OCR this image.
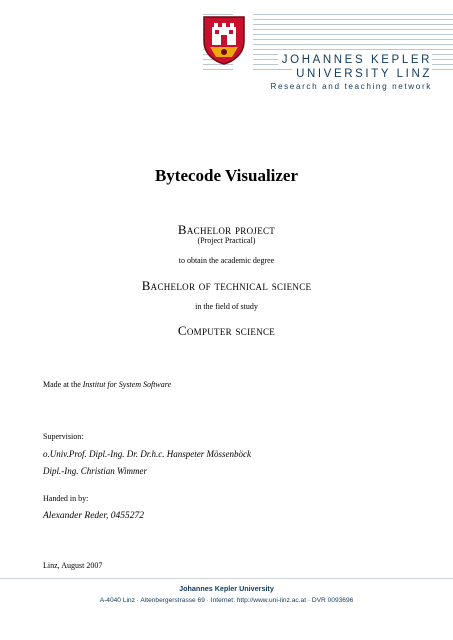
JOHANNES KEPLER
UNIVERSITY LINZ
Research and teaching network
Bytecode Visualizer
Bachelor project
(Project Practical)
to obtain the academic degree
Bachelor of technical science
in the field of study
Computer science
Made at the Institut for System Software
Supervision:
o.Univ.Prof. Dipl.-Ing. Dr. Dr.h.c. Hanspeter Mössenböck
Dipl.-Ing. Christian Wimmer
Handed in by:
Alexander Reder, 0455272
Linz, August 2007
Johannes Kepler University
A-4040 Linz · Altenbergerstrasse 69 · Internet: http://www.uni-linz.ac.at · DVR 0093696
